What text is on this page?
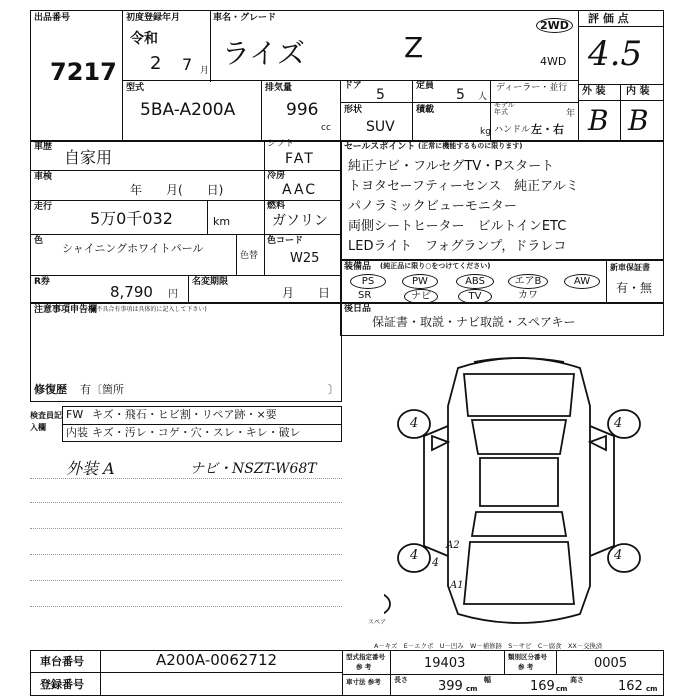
出品番号
7217
初度登録年月
令和
2 7 月
車名・グレード
ライズ	Z
2WD
4WD
型式
5BA-A200A
排気量
996
cc
ドア
5
定員
5 人
ディーラー・並行
モデル年式	年
形状
SUV
積載
kg ハンドル 左・右
評 価 点
4.5
外 装 内 装
B B
車歴
自家用
シフト
FAT
車検
年　　月(　　日)
冷房
AAC
走行
5万0千032	km
燃料
ガソリン
色
シャイニングホワイトパール
色替
色コード
W25
R券
8,790 円
名変期限
月　　日
注意事項申告欄
(不具合有事項は具体的に記入して下さい)
修復歴 有〔箇所	〕
検査員記入欄
FW キズ・飛石・ヒビ割・リペア跡・×要
内装 キズ・汚レ・コゲ・穴・スレ・キレ・破レ
外装 A	ナビ・NSZT-W68T
セールスポイント (正常に機能するものに限ります)
純正ナビ・フルセグTV・Pスタート
トヨタセーフティーセンス　純正アルミ
パノラミックビューモニター
両側シートヒーター　ビルトインETC
LEDライト　フォグランプ，ドラレコ
装備品 (純正品に限り○をつけてください)
PS	PW	ABS	エアB	AW
SR	ナビ	TV	カワ
新車保証書
有・無
後日品
保証書・取説・ナビ取説・スペアキー
4	4
4	4
A2
A1
4
スペア
A－キズ　E－エクボ　U－凹み　W－補修跡　S－サビ　C－腐食　XX－交換済
車台番号	A200A-0062712
登録番号
型式指定番号
参 考	19403	類別区分番号
参 考	0005
車寸法 参考	長さ 399 cm
幅	169 cm
高さ	162 cm
